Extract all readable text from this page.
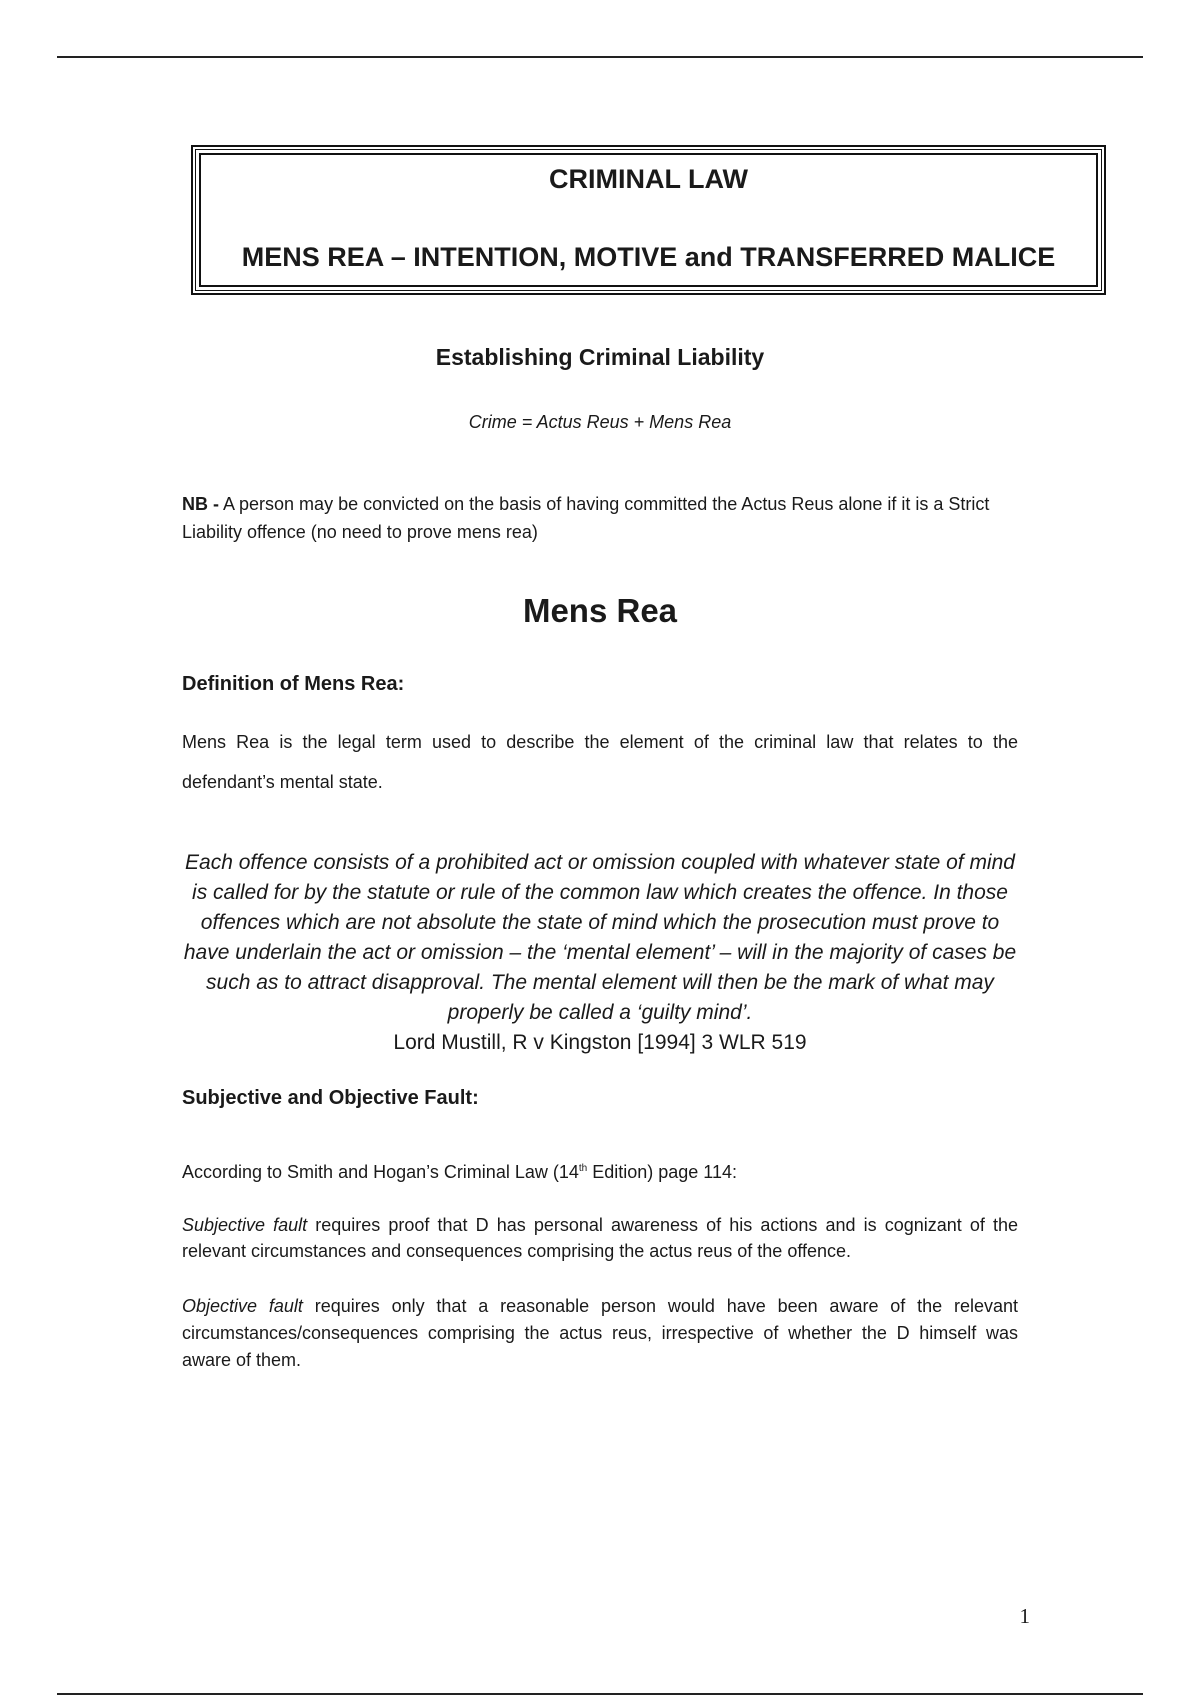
CRIMINAL LAW
MENS REA – INTENTION, MOTIVE and TRANSFERRED MALICE
Establishing Criminal Liability
Crime = Actus Reus + Mens Rea
NB - A person may be convicted on the basis of having committed the Actus Reus alone if it is a Strict Liability offence (no need to prove mens rea)
Mens Rea
Definition of Mens Rea:
Mens Rea is the legal term used to describe the element of the criminal law that relates to the defendant’s mental state.
Each offence consists of a prohibited act or omission coupled with whatever state of mind is called for by the statute or rule of the common law which creates the offence. In those offences which are not absolute the state of mind which the prosecution must prove to have underlain the act or omission – the ‘mental element’ – will in the majority of cases be such as to attract disapproval. The mental element will then be the mark of what may properly be called a ‘guilty mind’.
Lord Mustill, R v Kingston [1994] 3 WLR 519
Subjective and Objective Fault:
According to Smith and Hogan’s Criminal Law (14th Edition) page 114:
Subjective fault requires proof that D has personal awareness of his actions and is cognizant of the relevant circumstances and consequences comprising the actus reus of the offence.
Objective fault requires only that a reasonable person would have been aware of the relevant circumstances/consequences comprising the actus reus, irrespective of whether the D himself was aware of them.
1
